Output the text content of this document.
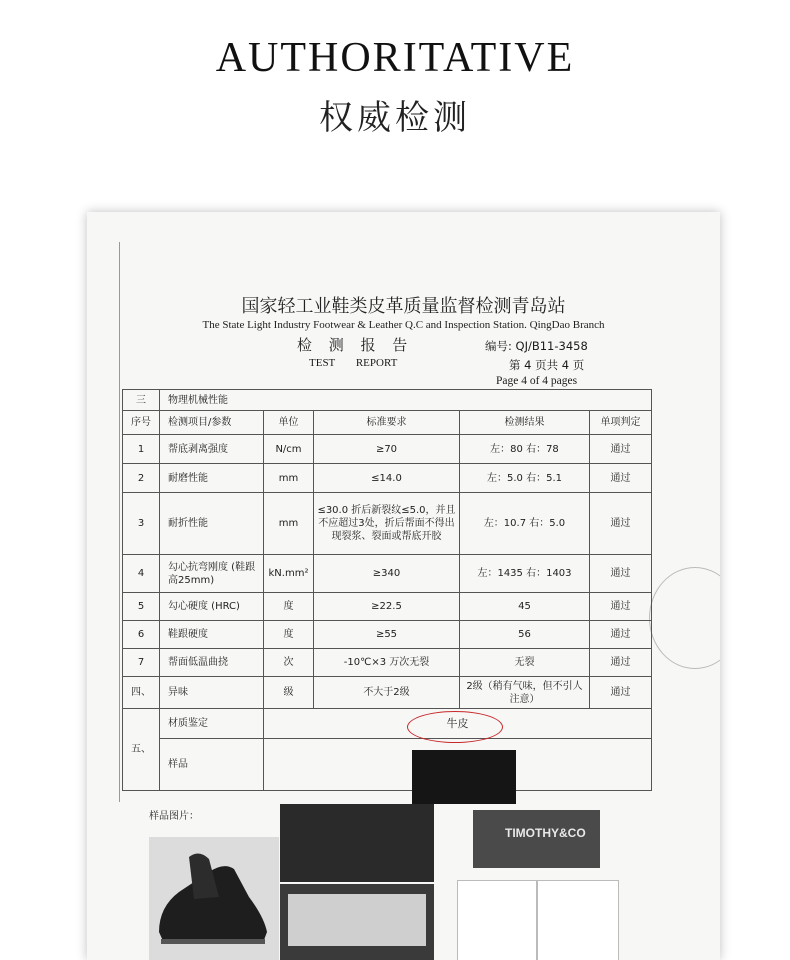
AUTHORITATIVE
权威检测
国家轻工业鞋类皮革质量监督检测青岛站
The State Light Industry Footwear & Leather Q.C and Inspection Station. QingDao Branch
检 测 报 告
TEST REPORT
编号: QJ/B11-3458
第 4 页共 4 页
Page 4 of 4 pages
三	物理机械性能				
序号	检测项目/参数	单位	标准要求	检测结果	单项判定
1	帮底剥离强度	N/cm	≥70	左：80 右：78	通过
2	耐磨性能	mm	≤14.0	左：5.0 右：5.1	通过
3	耐折性能	mm	≤30.0 折后新裂纹≤5.0，并且不应超过3处，折后帮面不得出现裂浆、裂面或帮底开胶	左：10.7 右：5.0	通过
4	勾心抗弯刚度 (鞋跟高25mm)	kN.mm²	≥340	左：1435 右：1403	通过
5	勾心硬度 (HRC)	度	≥22.5	45	通过
6	鞋跟硬度	度	≥55	56	通过
7	帮面低温曲挠	次	-10℃×3 万次无裂	无裂	通过
四、	异味	级	不大于2级	2级（稍有气味，但不引人注意）	通过
五、	材质鉴定	牛皮			
	样品				
样品图片：
TIMOTHY&CO
